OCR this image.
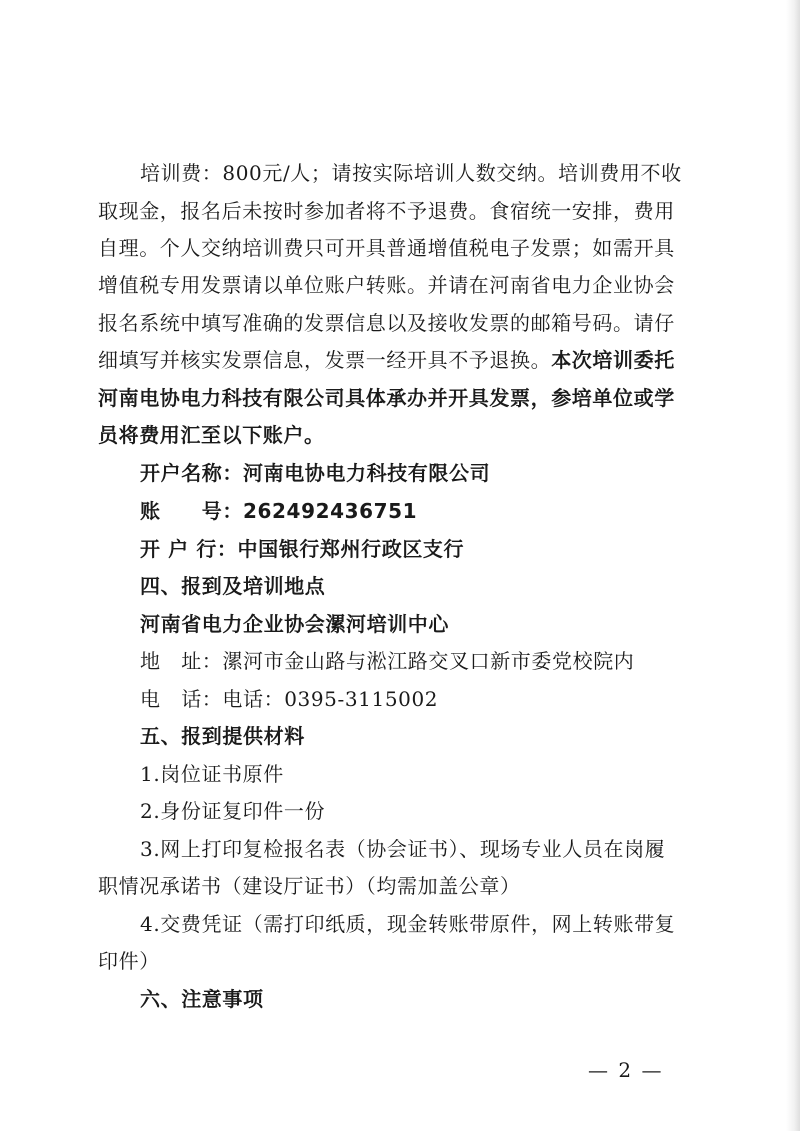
培训费：800元/人；请按实际培训人数交纳。培训费用不收
取现金，报名后未按时参加者将不予退费。食宿统一安排，费用
自理。个人交纳培训费只可开具普通增值税电子发票；如需开具
增值税专用发票请以单位账户转账。并请在河南省电力企业协会
报名系统中填写准确的发票信息以及接收发票的邮箱号码。请仔
细填写并核实发票信息，发票一经开具不予退换。本次培训委托
河南电协电力科技有限公司具体承办并开具发票，参培单位或学
员将费用汇至以下账户。
开户名称：河南电协电力科技有限公司
账　　号：262492436751
开 户 行：中国银行郑州行政区支行
四、报到及培训地点
河南省电力企业协会漯河培训中心
地　址：漯河市金山路与淞江路交叉口新市委党校院内
电　话：电话：0395-3115002
五、报到提供材料
1.岗位证书原件
2.身份证复印件一份
3.网上打印复检报名表（协会证书）、现场专业人员在岗履
职情况承诺书（建设厅证书）（均需加盖公章）
4.交费凭证（需打印纸质，现金转账带原件，网上转账带复
印件）
六、注意事项
— 2 —
